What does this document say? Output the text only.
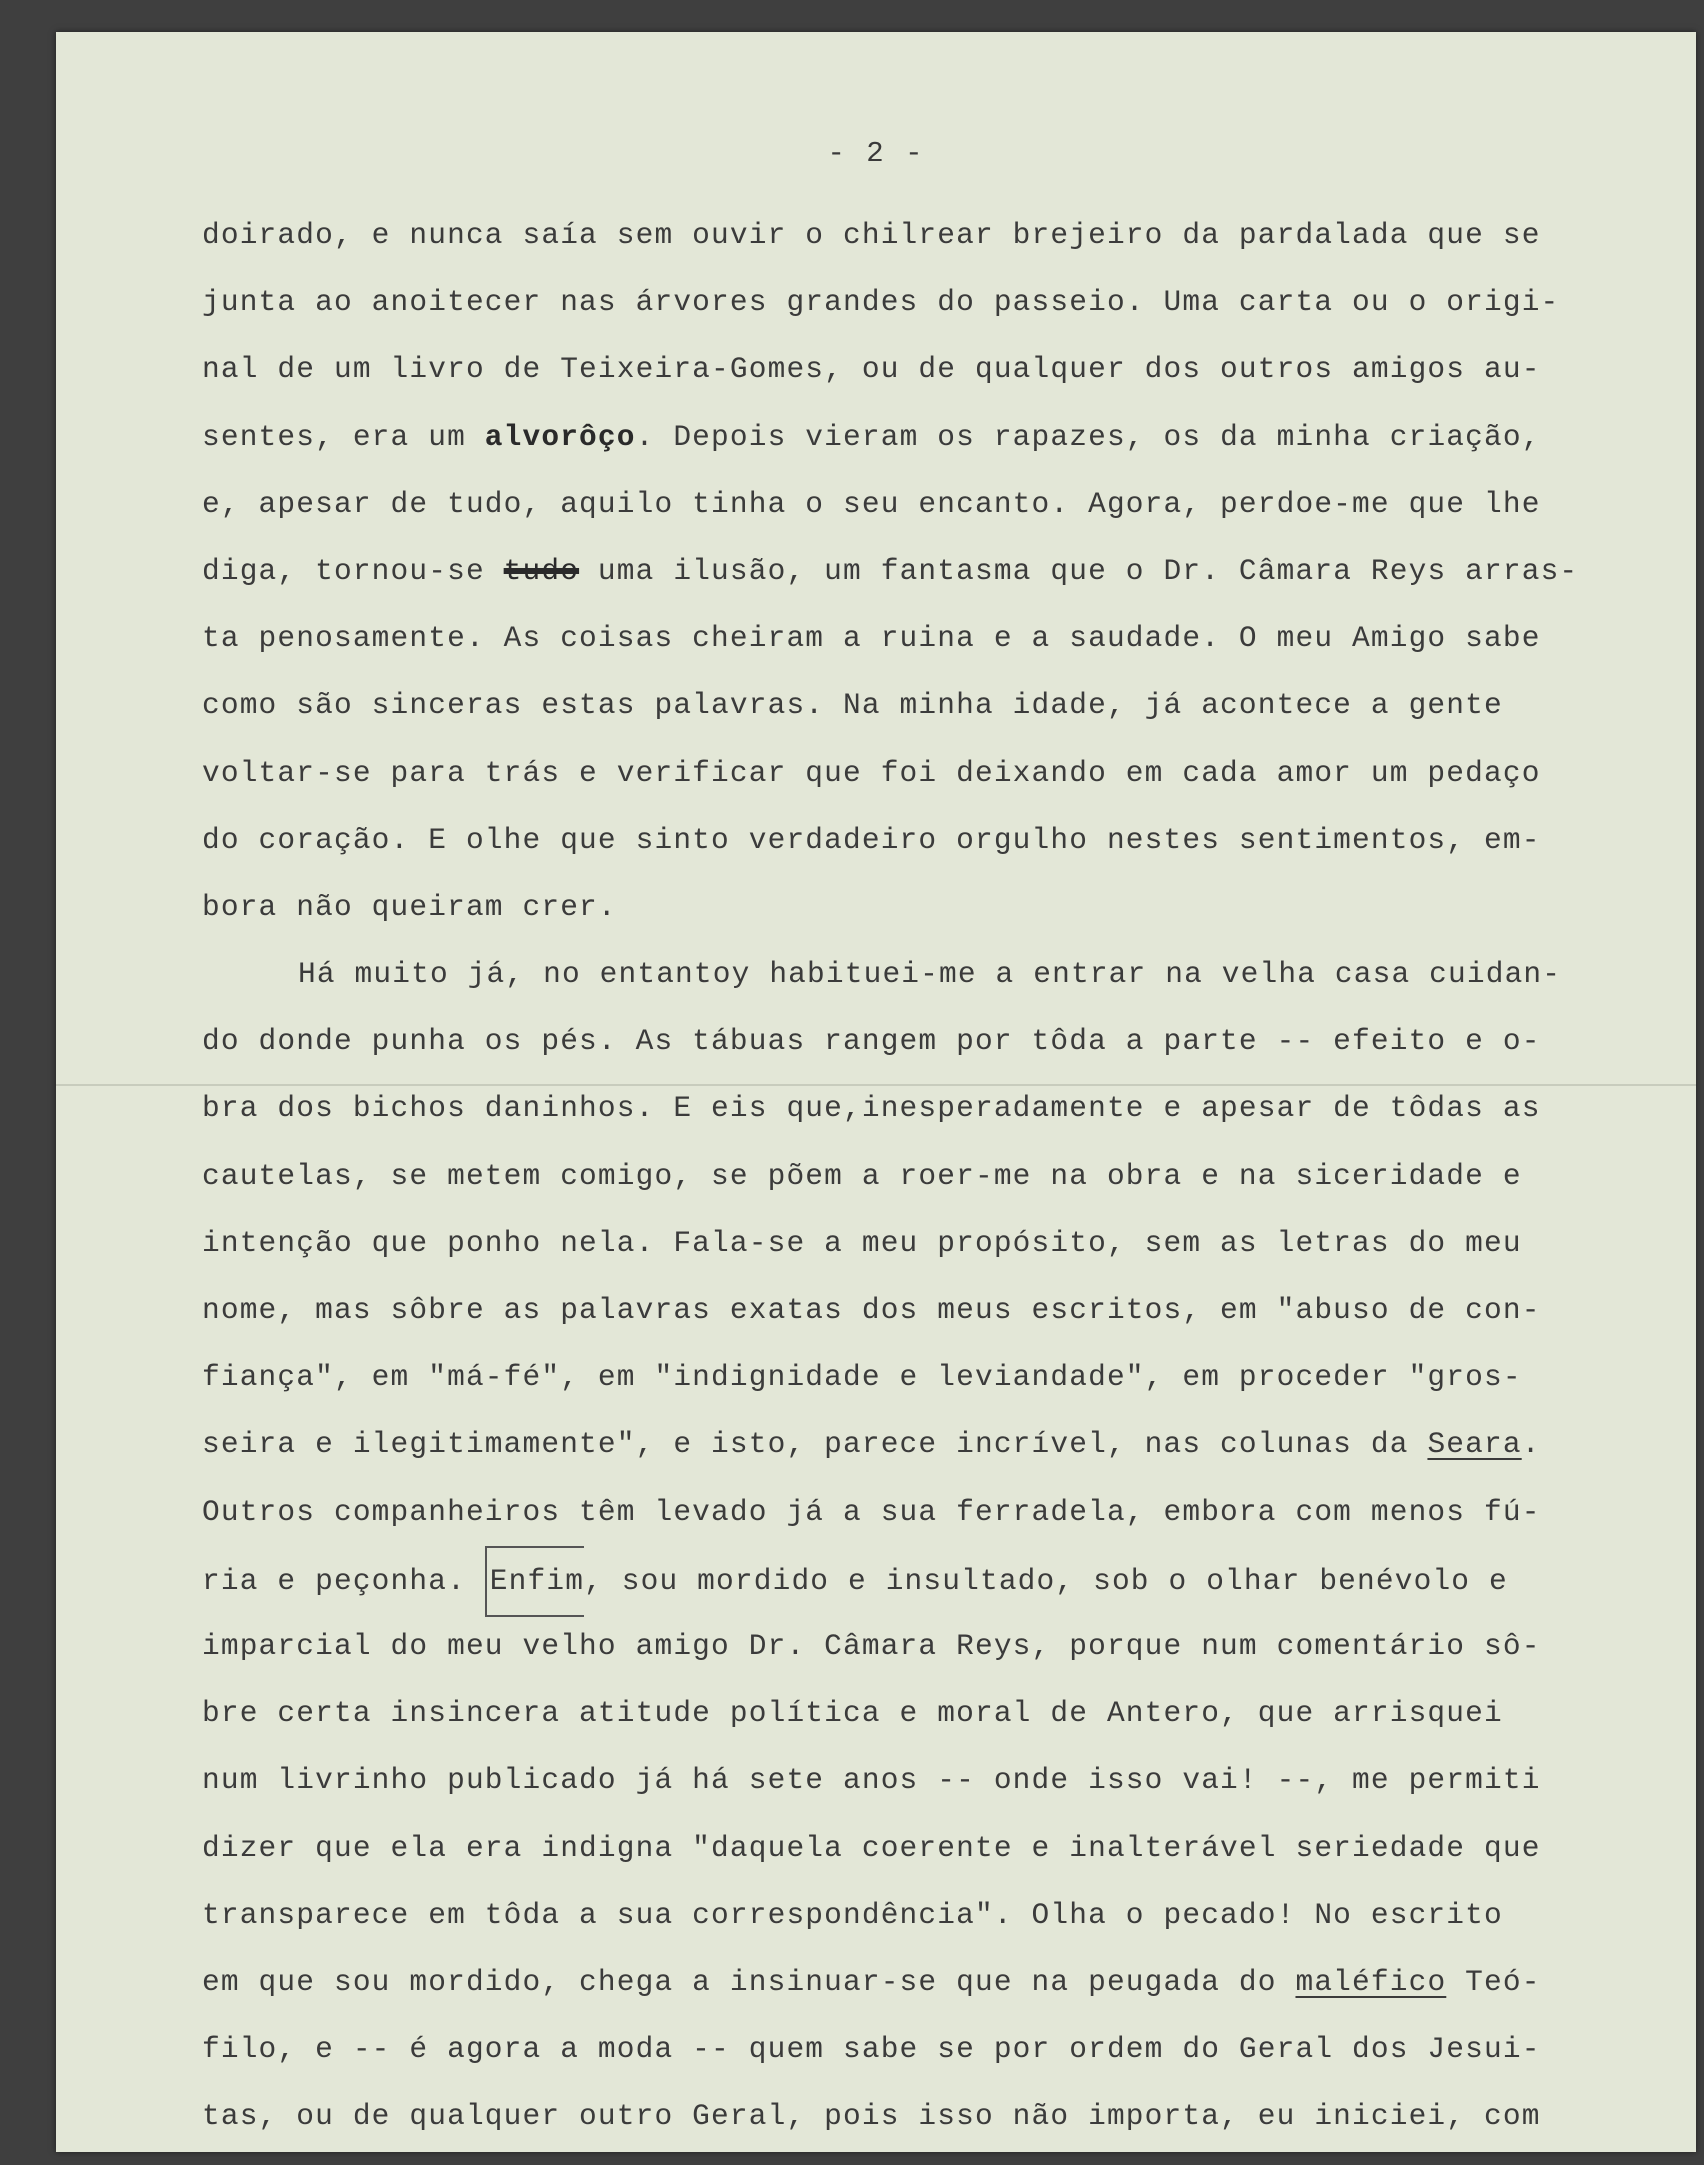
- 2 -
doirado, e nunca saía sem ouvir o chilrear brejeiro da pardalada que se
junta ao anoitecer nas árvores grandes do passeio. Uma carta ou o origi-
nal de um livro de Teixeira-Gomes, ou de qualquer dos outros amigos au-
sentes, era um alvorôço. Depois vieram os rapazes, os da minha criação,
e, apesar de tudo, aquilo tinha o seu encanto. Agora, perdoe-me que lhe
diga, tornou-se tudo uma ilusão, um fantasma que o Dr. Câmara Reys arras-
ta penosamente. As coisas cheiram a ruina e a saudade. O meu Amigo sabe
como são sinceras estas palavras. Na minha idade, já acontece a gente
voltar-se para trás e verificar que foi deixando em cada amor um pedaço
do coração. E olhe que sinto verdadeiro orgulho nestes sentimentos, em-
bora não queiram crer.
Há muito já, no entantoy habituei-me a entrar na velha casa cuidan-
do donde punha os pés. As tábuas rangem por tôda a parte -- efeito e o-
bra dos bichos daninhos. E eis que,inesperadamente e apesar de tôdas as
cautelas, se metem comigo, se põem a roer-me na obra e na siceridade e
intenção que ponho nela. Fala-se a meu propósito, sem as letras do meu
nome, mas sôbre as palavras exatas dos meus escritos, em "abuso de con-
fiança", em "má-fé", em "indignidade e leviandade", em proceder "gros-
seira e ilegitimamente", e isto, parece incrível, nas colunas da Seara.
Outros companheiros têm levado já a sua ferradela, embora com menos fú-
ria e peçonha. Enfim, sou mordido e insultado, sob o olhar benévolo e
imparcial do meu velho amigo Dr. Câmara Reys, porque num comentário sô-
bre certa insincera atitude política e moral de Antero, que arrisquei
num livrinho publicado já há sete anos -- onde isso vai! --, me permiti
dizer que ela era indigna "daquela coerente e inalterável seriedade que
transparece em tôda a sua correspondência". Olha o pecado! No escrito
em que sou mordido, chega a insinuar-se que na peugada do maléfico Teó-
filo, e -- é agora a moda -- quem sabe se por ordem do Geral dos Jesui-
tas, ou de qualquer outro Geral, pois isso não importa, eu iniciei, com
